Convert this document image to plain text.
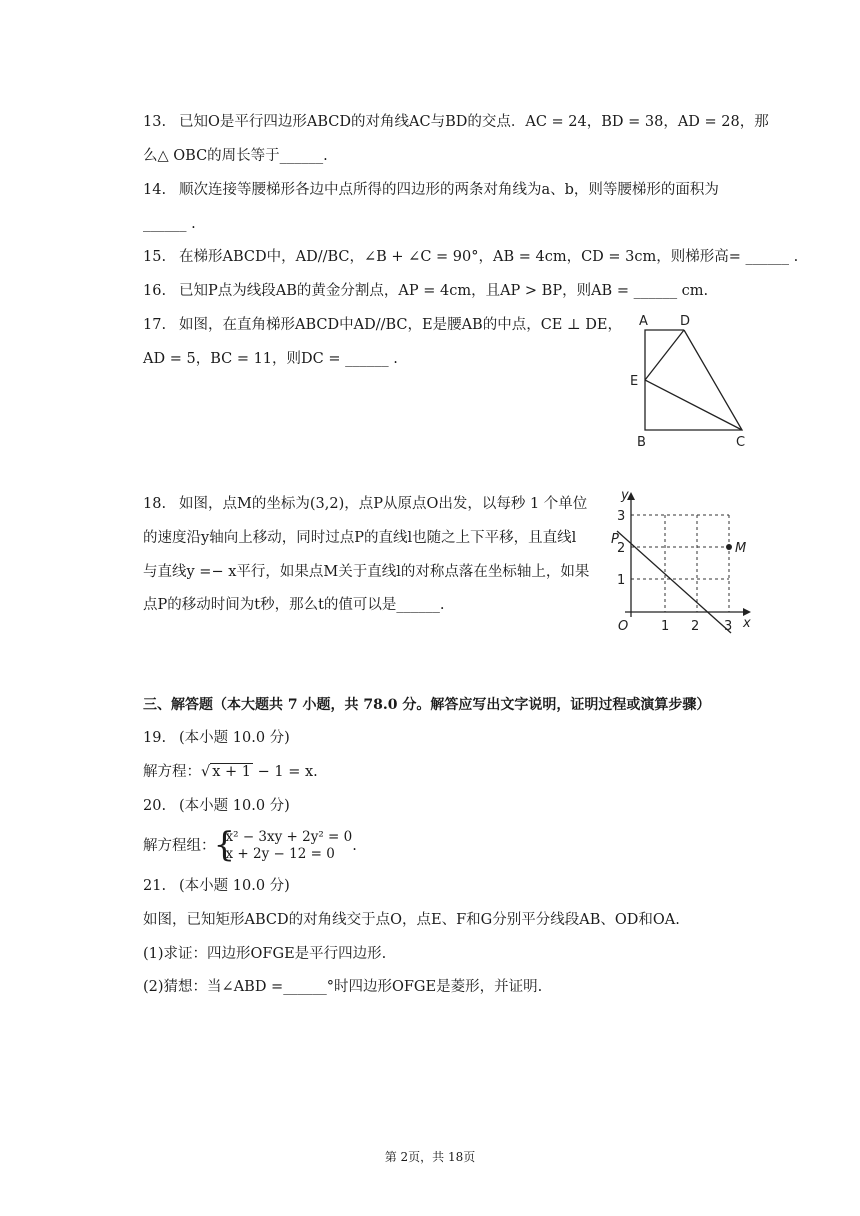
13. 已知O是平行四边形ABCD的对角线AC与BD的交点．AC = 24，BD = 38，AD = 28，那
么△ OBC的周长等于______.
14. 顺次连接等腰梯形各边中点所得的四边形的两条对角线为a、b，则等腰梯形的面积为
______ .
15. 在梯形ABCD中，AD//BC，∠B + ∠C = 90°，AB = 4cm，CD = 3cm，则梯形高= ______ .
16. 已知P点为线段AB的黄金分割点，AP = 4cm，且AP > BP，则AB = ______ cm.
17. 如图，在直角梯形ABCD中AD//BC，E是腰AB的中点，CE ⊥ DE，
AD = 5，BC = 11，则DC = ______ .
A D
E
B	C
18. 如图，点M的坐标为(3,2)，点P从原点O出发，以每秒 1 个单位
的速度沿y轴向上移动，同时过点P的直线l也随之上下平移，且直线l
与直线y =− x平行，如果点M关于直线l的对称点落在坐标轴上，如果
点P的移动时间为t秒，那么t的值可以是______.
y
x
P
M
O	1 2 3
1
2
3
三、解答题（本大题共 7 小题，共 78.0 分。解答应写出文字说明，证明过程或演算步骤）
19. (本小题 10.0 分)
解方程：√ x + 1 − 1 = x.
20. (本小题 10.0 分)
解方程组：
{ x² − 3xy + 2y² = 0
x + 2y − 12 = 0	.
21. (本小题 10.0 分)
如图，已知矩形ABCD的对角线交于点O，点E、F和G分别平分线段AB、OD和OA.
(1)求证：四边形OFGE是平行四边形.
(2)猜想：当∠ABD =______°时四边形OFGE是菱形，并证明.
第 2页，共 18页
